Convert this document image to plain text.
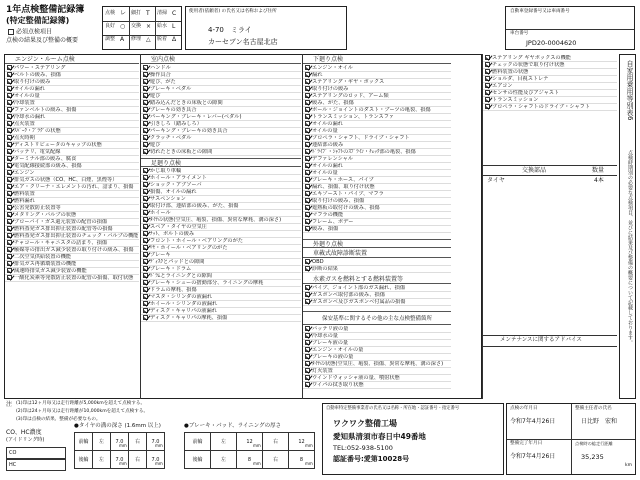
1年点検整備記録簿
(特定整備記録簿)
必須点検項目
点検の結果及び整備の概要
点検 レ 細打 T 清掃 C
良好 ○ 交換 × 給水 L
調整 A 修理 △ 脱着 Δ
使用者(依頼者) の氏名又は名称および住所
4-70　ミライ
カーセブン名古屋北店
自動車登録番号又は車両番号
車台番号
JPD20-0004620
エンジン・ルーム点検
パワー・ステアリング
ベルトの緩み、損傷
取り付けの緩み
オイルの漏れ
オイルの量
冷却装置
ファンベルトの緩み、損傷
冷却水の漏れ
点火装置
ｽﾊﾟｰｸ・ﾌﾟﾗｸﾞの状態
点火時期
ディストリビュータのキャップの状態
バッテリ、電気配線
ターミナル部の緩み、腐食
電気配線接続部の緩み、損傷
エンジン
排気ガスの状態（CO、HC、白煙、黒煙等）
エア・クリーナ・エレメントの汚れ、詰まり、損傷
燃料装置
燃料漏れ
公害発散防止装置等
メタリング・バルブの状態
ブローバイ・ガス還元装置の配管の損傷
燃料蒸発ガス排出抑止装置の配管等の損傷
燃料蒸発ガス排出抑止装置のチェック・バルブの機能
チャコール・キャニスタの詰まり、損傷
触媒等の排出ガス減少装置の取り付けの緩み、損傷
二次空気供給装置の機能
排気ガス再循環装置の機能
減速時排気ガス減少装置の機能
一酸化炭素等発散防止装置の配管の損傷、取付状態
室内点検
ハンドル
操作具合
遊び、がた
ブレーキ・ペダル
遊び
踏み込んだときの床板との隙間
ブレーキの効き具合
パーキング・ブレーキ・レバー(ペダル)
引きしろ（踏みしろ）
パーキング・ブレーキの効き具合
クラッチ・ペダル
遊び
切れたときの床板との隙間
足廻り点検
かじ取り車輪
ホイール・アライメント
ショック・アブソーバ
損傷、オイルの漏れ
サスペンション
取付け部、連結部の緩み、がた、損傷
ホイール
ﾀｲﾔの状態(空気圧、亀裂、損傷、異常な摩耗、溝の深さ)
スペア・タイヤの空気圧
ﾅｯﾄ、ボルトの緩み
フロント・ホイール・ベアリングのがた
ﾘﾔ・ホイール・ベアリングのがた
ブレーキ
ﾃﾞｨｽｸとパッドとの隙間
ブレーキ・ドラム
ﾄﾞﾗﾑとライニングとの隙間
ブレーキ・シューの摺動部分、ライニングの摩耗
ドラムの摩耗、損傷
マスタ・シリンダの液漏れ
ホイール・シリンダの液漏れ
ディスク・キャリパの液漏れ
ディスク・キャリパの摩耗、損傷
下廻り点検
エンジン・オイル
漏れ
ステアリング・ギヤ・ボックス
取り付けの緩み
ステアリングのロッド、アーム類
緩み、がた、損傷
ボール・ジョイントのダスト・ブーツの亀裂、損傷
トランスミッション、トランスファ
オイルの漏れ
オイルの量
プロペラ・シャフト、ドライブ・シャフト
連結部の緩み
ﾄﾞﾗｲﾌﾞ・ｼｬﾌﾄのｽﾌﾟﾗｲﾝ・ﾁｪｯｸ部の亀裂、損傷
デファレンシャル
オイルの漏れ
オイルの量
ブレーキ・ホース、パイプ
漏れ、損傷、取り付け状態
エキゾースト・パイプ、マフラ
取り付けの緩み、損傷
遮熱板の取付けの緩み、損傷
マフラの機能
フレーム、ボデー
緩み、損傷
外廻り点検
車載式故障診断装置
OBD
診断の結果
水素ガスを燃料とする燃料装置等
パイプ、ジョイント部のガス漏れ、損傷
ガスボンベ取付部の緩み、損傷
ガスボンベ及びガスボンベ付属品の損傷
保安基準に関するその他の主な点検整備箇所
バッテリ液の量
冷却水の量
ブレーキ液の量
エンジン・オイルの量
ブレーキの液の量
ﾀｲﾔの状態(空気圧、亀裂、損傷、異常な摩耗、溝の深さ)
灯火装置
ウインドウォッシャ液の量、噴射状態
ワイパの拭き取り状態
ステアリング ギヤボックスの機能
チェックの状態で取り付け状態
燃料装置の状態
ショルダ、目視ストレナ
エアコン
センサの性能及びアジャスト
トランスミッション
プロペラ・シャフトのドライブ・シャフト
交換部品	数量
タイヤ	4本
メンテナンスに関するアドバイス
自家用乗用等別表6
点検時期別の必要な点検項目、並びに結果及び整備の概要について記載しております。
注 (1)印は12ヶ月毎又は走行距離が5,000kmを超えて点検する。
(2)印は24ヶ月毎又は走行距離が10,000kmを超えて点検する。
(3)印は点検の結果、整備が必要なもの。
CO、HC濃度
(アイドリング時)
CO
HC
●タイヤの溝の深さ (1.6mm 以上)
前輪	左	7.0
mm
右	7.0
mm
後輪	左	7.0
mm
右	7.0
mm
●ブレーキ・パッド、ライニングの厚さ
前輪	左	12
mm
右	12
mm
後輪	左	8
mm
右	8
mm
自動車特定整備事業者の氏名又は名称・所在地・認証番号・指定番号
ワクワク整備工場
愛知県清須市春日中49番地
TEL:052-938-5100
認証番号:愛第10028号
点検の年月日
令和7年4月26日
整備主任者の氏名
日比野　宏和
整備完了年月日
令和7年4月26日
点検時の総走行距離
35,235
km
